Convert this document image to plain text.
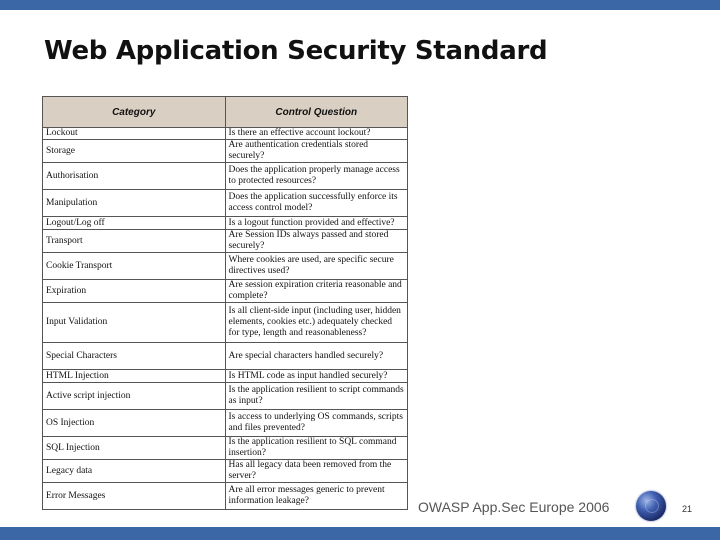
Web Application Security Standard
Category	Control Question
Lockout	Is there an effective account lockout?
Storage	Are authentication credentials stored securely?
Authorisation	Does the application properly manage access to protected resources?
Manipulation	Does the application successfully enforce its access control model?
Logout/Log off	Is a logout function provided and effective?
Transport	Are Session IDs always passed and stored securely?
Cookie Transport	Where cookies are used, are specific secure directives used?
Expiration	Are session expiration criteria reasonable and complete?
Input Validation	Is all client-side input (including user, hidden elements, cookies etc.) adequately checked for type, length and reasonableness?
Special Characters	Are special characters handled securely?
HTML Injection	Is HTML code as input handled securely?
Active script injection	Is the application resilient to script commands as input?
OS Injection	Is access to underlying OS commands, scripts and files prevented?
SQL Injection	Is the application resilient to SQL command insertion?
Legacy data	Has all legacy data been removed from the server?
Error Messages	Are all error messages generic to prevent information leakage?	OWASP App.Sec Europe 2006	21
